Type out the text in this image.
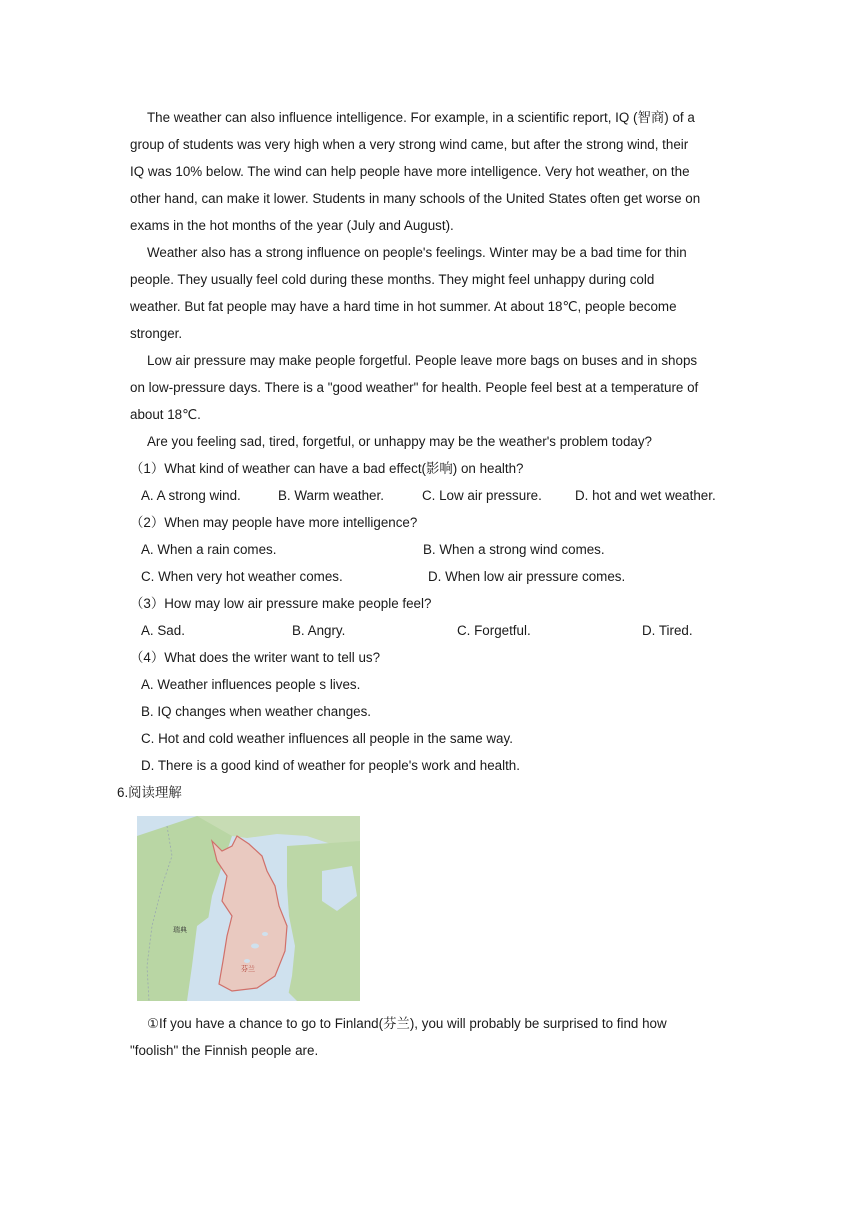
The weather can also influence intelligence. For example, in a scientific report, IQ (智商) of a
group of students was very high when a very strong wind came, but after the strong wind, their
IQ was 10% below. The wind can help people have more intelligence. Very hot weather, on the
other hand, can make it lower. Students in many schools of the United States often get worse on
exams in the hot months of the year (July and August).
Weather also has a strong influence on people's feelings. Winter may be a bad time for thin
people. They usually feel cold during these months. They might feel unhappy during cold
weather. But fat people may have a hard time in hot summer. At about 18℃, people become
stronger.
Low air pressure may make people forgetful. People leave more bags on buses and in shops
on low-pressure days. There is a "good weather" for health. People feel best at a temperature of
about 18℃.
Are you feeling sad, tired, forgetful, or unhappy may be the weather's problem today?
（1）What kind of weather can have a bad effect(影响) on health?
A. A strong wind.	B. Warm weather.	C. Low air pressure. D. hot and wet weather.
（2）When may people have more intelligence?
A. When a rain comes.	B. When a strong wind comes.
C. When very hot weather comes.	D. When low air pressure comes.
（3）How may low air pressure make people feel?
A. Sad.	B. Angry.	C. Forgetful.	D. Tired.
（4）What does the writer want to tell us?
A. Weather influences people s lives.
B. IQ changes when weather changes.
C. Hot and cold weather influences all people in the same way.
D. There is a good kind of weather for people's work and health.
6.阅读理解
瑞典
芬兰
①If you have a chance to go to Finland(芬兰), you will probably be surprised to find how
"foolish" the Finnish people are.
